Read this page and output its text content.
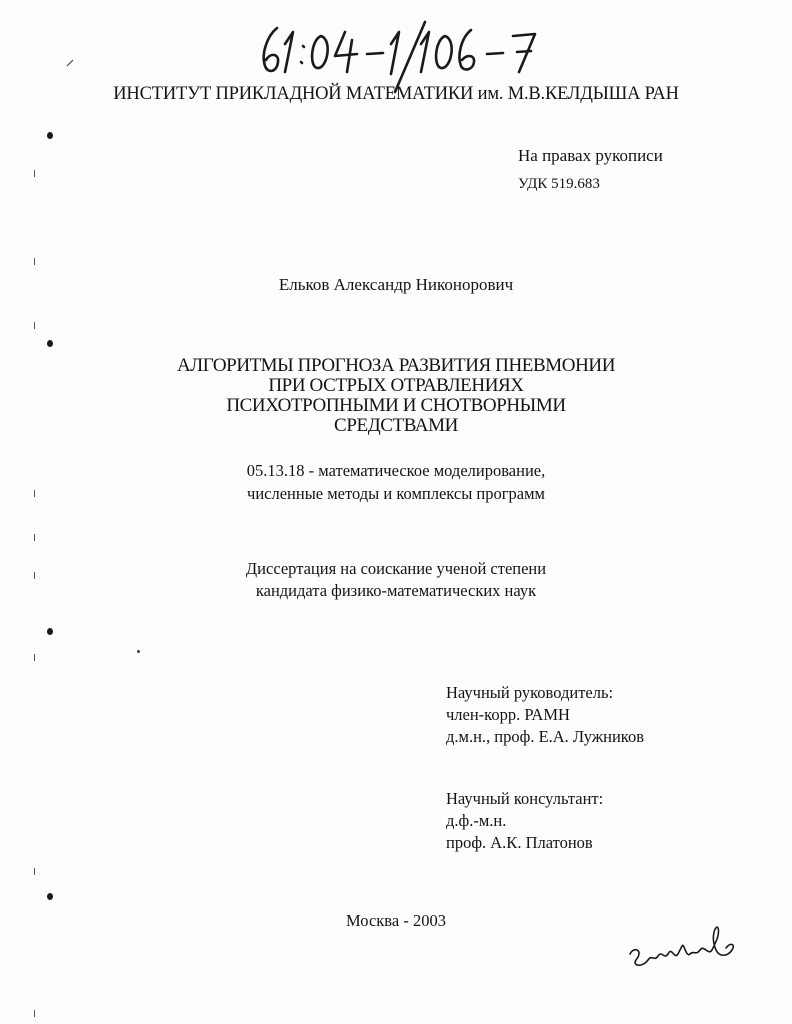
ИНСТИТУТ ПРИКЛАДНОЙ МАТЕМАТИКИ им. М.В.КЕЛДЫША РАН
На правах рукописи
УДК 519.683
Ельков Александр Никонорович
АЛГОРИТМЫ ПРОГНОЗА РАЗВИТИЯ ПНЕВМОНИИ
ПРИ ОСТРЫХ ОТРАВЛЕНИЯХ
ПСИХОТРОПНЫМИ И СНОТВОРНЫМИ
СРЕДСТВАМИ
05.13.18 - математическое моделирование,
численные методы и комплексы программ
Диссертация на соискание ученой степени
кандидата физико-математических наук
Научный руководитель:
член-корр. РАМН
д.м.н., проф. Е.А. Лужников
Научный консультант:
д.ф.-м.н.
проф. А.К. Платонов
Москва - 2003
